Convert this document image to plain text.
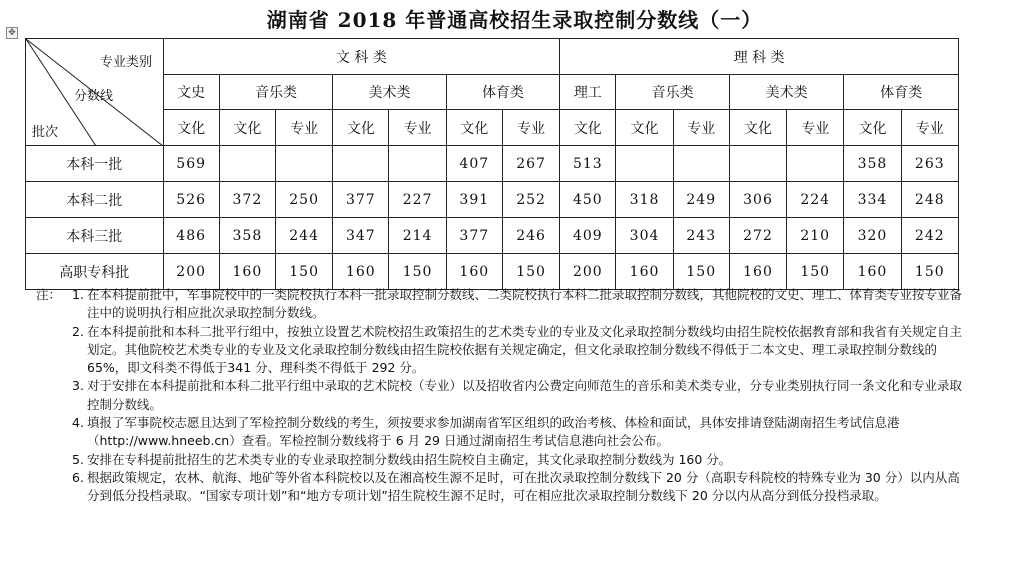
湖南省 2018 年普通高校招生录取控制分数线（一）
✥
专业类别
分数线
批次	文 科 类							理 科 类						
	文史	音乐类		美术类		体育类		理工	音乐类		美术类		体育类	
	文化	文化	专业	文化	专业	文化	专业	文化	文化	专业	文化	专业	文化	专业
本科一批	569					407	267	513					358	263
本科二批	526	372	250	377	227	391	252	450	318	249	306	224	334	248
本科三批	486	358	244	347	214	377	246	409	304	243	272	210	320	242
高职专科批	200	160	150	160	150	160	150	200	160	150	160	150	160	150
注： 1. 在本科提前批中，军事院校中的一类院校执行本科一批录取控制分数线、二类院校执行本科二批录取控制分数线，其他院校的文史、理工、体育类专业按专业备注中的说明执行相应批次录取控制分数线。
2. 在本科提前批和本科二批平行组中，按独立设置艺术院校招生政策招生的艺术类专业的专业及文化录取控制分数线均由招生院校依据教育部和我省有关规定自主划定。其他院校艺术类专业的专业及文化录取控制分数线由招生院校依据有关规定确定，但文化录取控制分数线不得低于二本文史、理工录取控制分数线的 65%，即文科类不得低于341 分、理科类不得低于 292 分。
3. 对于安排在本科提前批和本科二批平行组中录取的艺术院校（专业）以及招收省内公费定向师范生的音乐和美术类专业，分专业类别执行同一条文化和专业录取控制分数线。
4. 填报了军事院校志愿且达到了军检控制分数线的考生，须按要求参加湖南省军区组织的政治考核、体检和面试，具体安排请登陆湖南招生考试信息港（http://www.hneeb.cn）查看。军检控制分数线将于 6 月 29 日通过湖南招生考试信息港向社会公布。
5. 安排在专科提前批招生的艺术类专业的专业录取控制分数线由招生院校自主确定，其文化录取控制分数线为 160 分。
6. 根据政策规定，农林、航海、地矿等外省本科院校以及在湘高校生源不足时，可在批次录取控制分数线下 20 分（高职专科院校的特殊专业为 30 分）以内从高分到低分投档录取。“国家专项计划”和“地方专项计划”招生院校生源不足时，可在相应批次录取控制分数线下 20 分以内从高分到低分投档录取。
